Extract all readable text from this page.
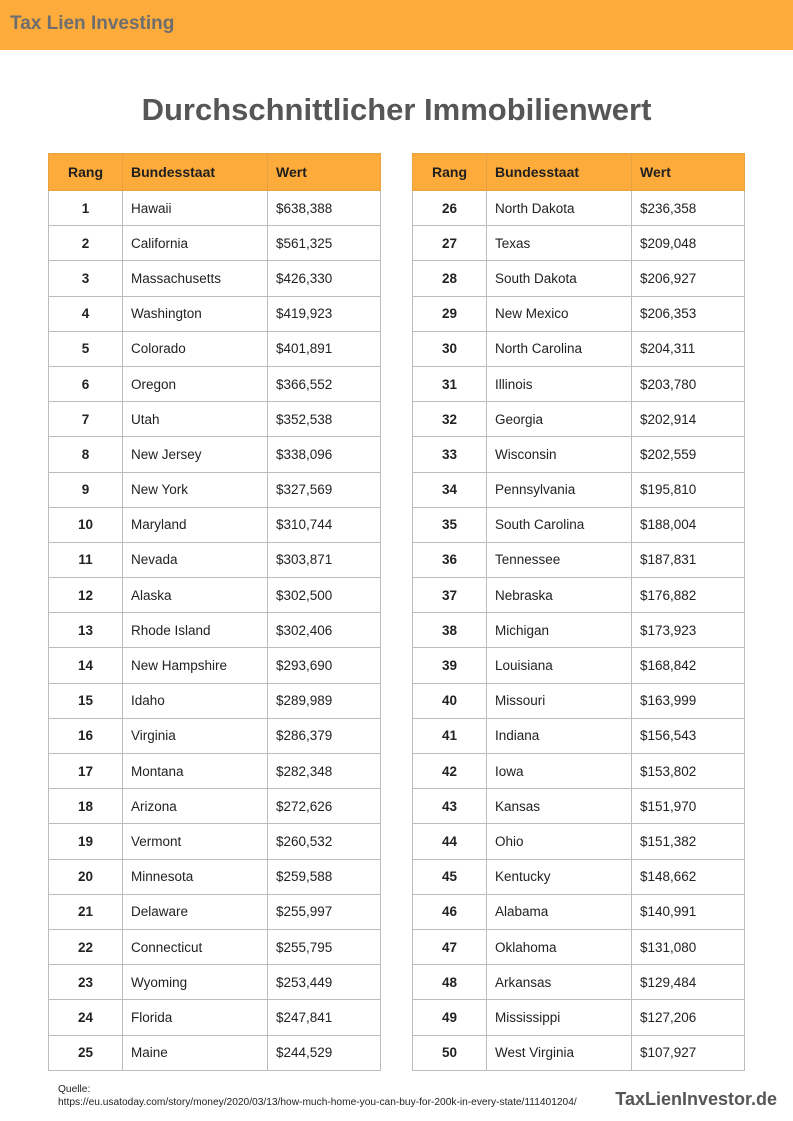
Tax Lien Investing
Durchschnittlicher Immobilienwert
Rang	Bundesstaat	Wert
1	Hawaii	$638,388
2	California	$561,325
3	Massachusetts	$426,330
4	Washington	$419,923
5	Colorado	$401,891
6	Oregon	$366,552
7	Utah	$352,538
8	New Jersey	$338,096
9	New York	$327,569
10	Maryland	$310,744
11	Nevada	$303,871
12	Alaska	$302,500
13	Rhode Island	$302,406
14	New Hampshire	$293,690
15	Idaho	$289,989
16	Virginia	$286,379
17	Montana	$282,348
18	Arizona	$272,626
19	Vermont	$260,532
20	Minnesota	$259,588
21	Delaware	$255,997
22	Connecticut	$255,795
23	Wyoming	$253,449
24	Florida	$247,841
25	Maine	$244,529
Rang	Bundesstaat	Wert
26	North Dakota	$236,358
27	Texas	$209,048
28	South Dakota	$206,927
29	New Mexico	$206,353
30	North Carolina	$204,311
31	Illinois	$203,780
32	Georgia	$202,914
33	Wisconsin	$202,559
34	Pennsylvania	$195,810
35	South Carolina	$188,004
36	Tennessee	$187,831
37	Nebraska	$176,882
38	Michigan	$173,923
39	Louisiana	$168,842
40	Missouri	$163,999
41	Indiana	$156,543
42	Iowa	$153,802
43	Kansas	$151,970
44	Ohio	$151,382
45	Kentucky	$148,662
46	Alabama	$140,991
47	Oklahoma	$131,080
48	Arkansas	$129,484
49	Mississippi	$127,206
50	West Virginia	$107,927
Quelle:
https://eu.usatoday.com/story/money/2020/03/13/how-much-home-you-can-buy-for-200k-in-every-state/111401204/ TaxLienInvestor.de
